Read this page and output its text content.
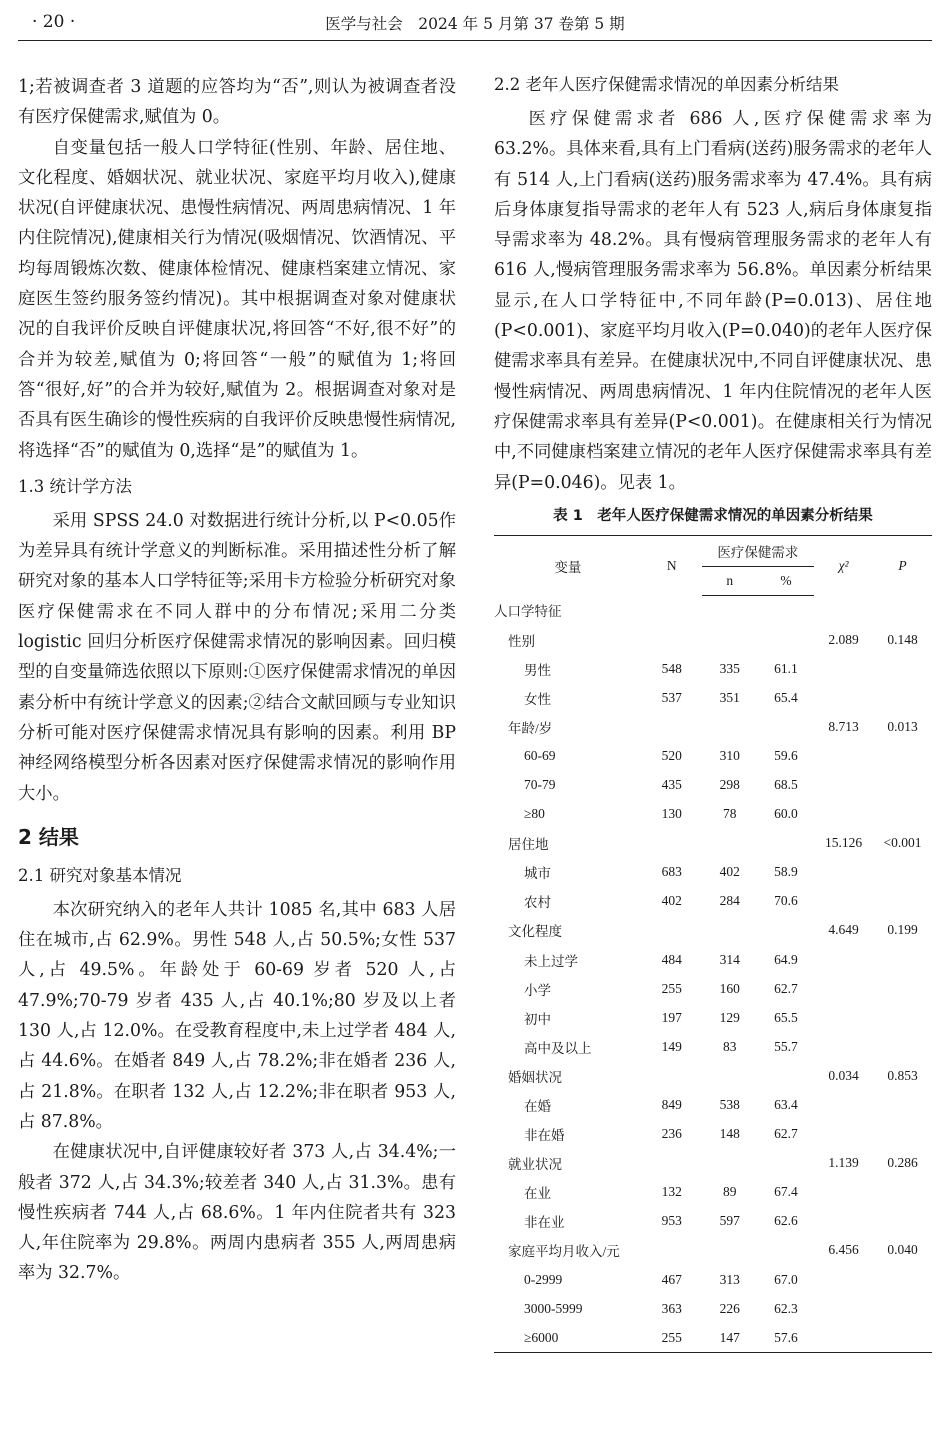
· 20 ·	医学与社会　2024 年 5 月第 37 卷第 5 期

1;若被调查者 3 道题的应答均为“否”,则认为被调查者没有医疗保健需求,赋值为 0。

自变量包括一般人口学特征(性别、年龄、居住地、文化程度、婚姻状况、就业状况、家庭平均月收入),健康状况(自评健康状况、患慢性病情况、两周患病情况、1 年内住院情况),健康相关行为情况(吸烟情况、饮酒情况、平均每周锻炼次数、健康体检情况、健康档案建立情况、家庭医生签约服务签约情况)。其中根据调查对象对健康状况的自我评价反映自评健康状况,将回答“不好,很不好”的合并为较差,赋值为 0;将回答“一般”的赋值为 1;将回答“很好,好”的合并为较好,赋值为 2。根据调查对象对是否具有医生确诊的慢性疾病的自我评价反映患慢性病情况,将选择“否”的赋值为 0,选择“是”的赋值为 1。

1.3 统计学方法

采用 SPSS 24.0 对数据进行统计分析,以 P<0.05作为差异具有统计学意义的判断标准。采用描述性分析了解研究对象的基本人口学特征等;采用卡方检验分析研究对象医疗保健需求在不同人群中的分布情况;采用二分类 logistic 回归分析医疗保健需求情况的影响因素。回归模型的自变量筛选依照以下原则:①医疗保健需求情况的单因素分析中有统计学意义的因素;②结合文献回顾与专业知识分析可能对医疗保健需求情况具有影响的因素。利用 BP 神经网络模型分析各因素对医疗保健需求情况的影响作用大小。

2 结果
2.1 研究对象基本情况

本次研究纳入的老年人共计 1085 名,其中 683 人居住在城市,占 62.9%。男性 548 人,占 50.5%;女性 537 人,占 49.5%。年龄处于 60-69 岁者 520 人,占 47.9%;70-79 岁者 435 人,占 40.1%;80 岁及以上者 130 人,占 12.0%。在受教育程度中,未上过学者 484 人,占 44.6%。在婚者 849 人,占 78.2%;非在婚者 236 人,占 21.8%。在职者 132 人,占 12.2%;非在职者 953 人,占 87.8%。

在健康状况中,自评健康较好者 373 人,占 34.4%;一般者 372 人,占 34.3%;较差者 340 人,占 31.3%。患有慢性疾病者 744 人,占 68.6%。1 年内住院者共有 323 人,年住院率为 29.8%。两周内患病者 355 人,两周患病率为 32.7%。

2.2 老年人医疗保健需求情况的单因素分析结果

医疗保健需求者 686 人,医疗保健需求率为 63.2%。具体来看,具有上门看病(送药)服务需求的老年人有 514 人,上门看病(送药)服务需求率为 47.4%。具有病后身体康复指导需求的老年人有 523 人,病后身体康复指导需求率为 48.2%。具有慢病管理服务需求的老年人有 616 人,慢病管理服务需求率为 56.8%。单因素分析结果显示,在人口学特征中,不同年龄(P=0.013)、居住地(P<0.001)、家庭平均月收入(P=0.040)的老年人医疗保健需求率具有差异。在健康状况中,不同自评健康状况、患慢性病情况、两周患病情况、1 年内住院情况的老年人医疗保健需求率具有差异(P<0.001)。在健康相关行为情况中,不同健康档案建立情况的老年人医疗保健需求率具有差异(P=0.046)。见表 1。

表 1　老年人医疗保健需求情况的单因素分析结果
变量	N	医疗保健需求		χ²	P
		n	%		
人口学特征					
性别				2.089	0.148
男性	548	335	61.1		
女性	537	351	65.4		
年龄/岁				8.713	0.013
60-69	520	310	59.6		
70-79	435	298	68.5		
≥80	130	78	60.0		
居住地				15.126	<0.001
城市	683	402	58.9		
农村	402	284	70.6		
文化程度				4.649	0.199
未上过学	484	314	64.9		
小学	255	160	62.7		
初中	197	129	65.5		
高中及以上	149	83	55.7		
婚姻状况				0.034	0.853
在婚	849	538	63.4		
非在婚	236	148	62.7		
就业状况				1.139	0.286
在业	132	89	67.4		
非在业	953	597	62.6		
家庭平均月收入/元				6.456	0.040
0-2999	467	313	67.0		
3000-5999	363	226	62.3		
≥6000	255	147	57.6		
